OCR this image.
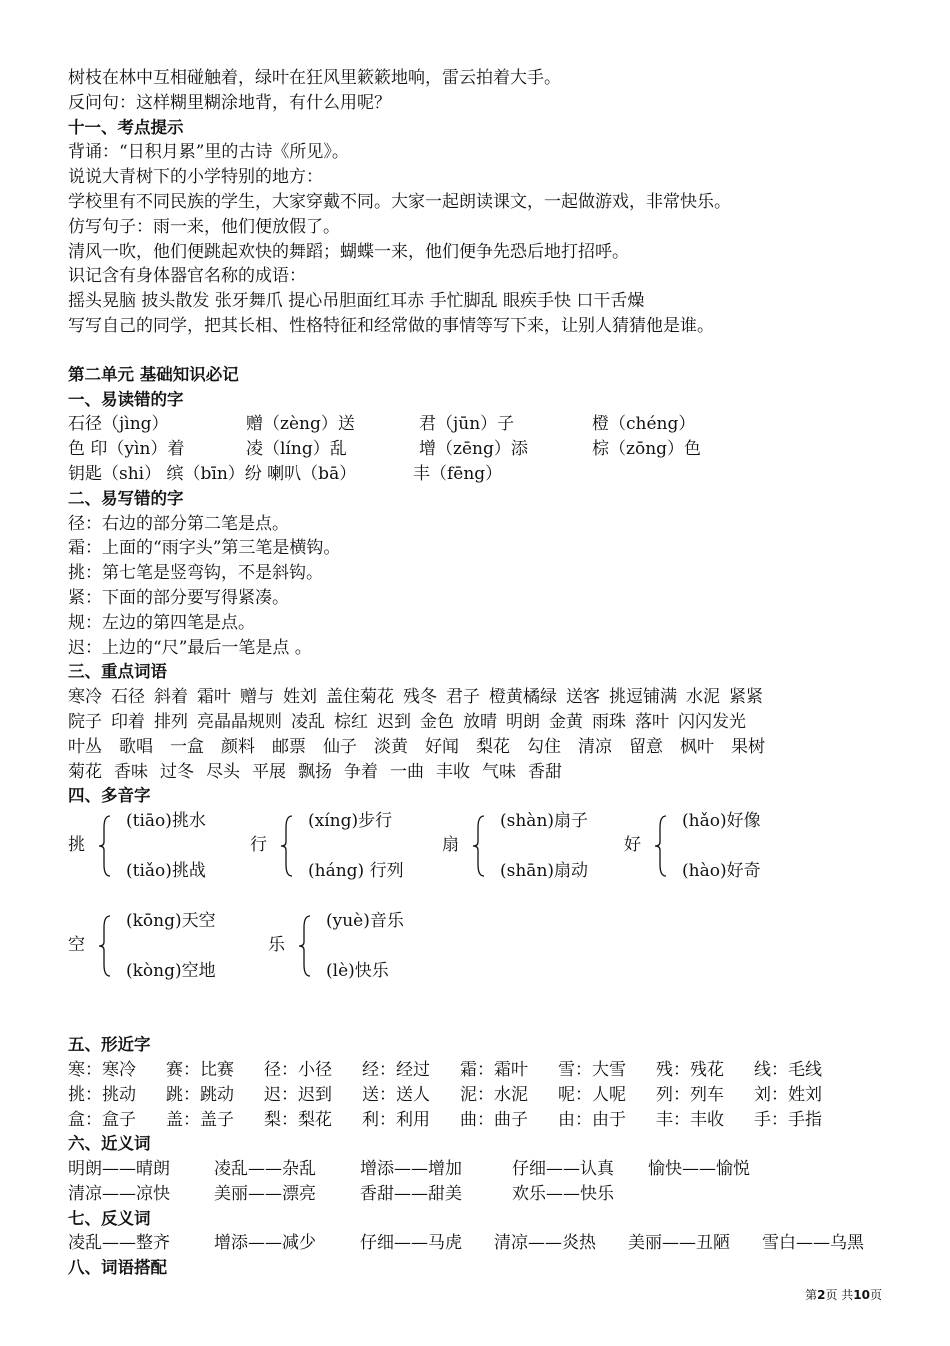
树枝在林中互相碰触着，绿叶在狂风里簌簌地响，雷云拍着大手。
反问句：这样糊里糊涂地背，有什么用呢？
十一、考点提示
背诵：“日积月累”里的古诗《所见》。
说说大青树下的小学特别的地方：
学校里有不同民族的学生，大家穿戴不同。大家一起朗读课文，一起做游戏，非常快乐。
仿写句子：雨一来，他们便放假了。
清风一吹，他们便跳起欢快的舞蹈；蝴蝶一来，他们便争先恐后地打招呼。
识记含有身体器官名称的成语：
摇头晃脑 披头散发 张牙舞爪 提心吊胆面红耳赤 手忙脚乱 眼疾手快 口干舌燥
写写自己的同学，把其长相、性格特征和经常做的事情等写下来，让别人猜猜他是谁。
第二单元 基础知识必记
一、易读错的字
石径（jìng）	赠（zèng）送	君（jūn）子	橙（chéng）
色 印（yìn）着	凌（líng）乱	增（zēng）添	棕（zōng）色
钥匙（shi） 缤（bīn）纷 喇叭（bā）	丰（fēng）
二、易写错的字
径：右边的部分第二笔是点。
霜：上面的“雨字头”第三笔是横钩。
挑：第七笔是竖弯钩，不是斜钩。
紧：下面的部分要写得紧凑。
规：左边的第四笔是点。
迟：上边的“尺”最后一笔是点 。
三、重点词语
寒冷 石径 斜着 霜叶 赠与 姓刘 盖住菊花 残冬 君子 橙黄橘绿 送客 挑逗铺满 水泥 紧紧
院子 印着 排列 亮晶晶规则 凌乱 棕红 迟到 金色 放晴 明朗 金黄 雨珠 落叶 闪闪发光
叶丛 歌唱 一盒 颜料 邮票 仙子 淡黄 好闻 梨花 勾住 清凉 留意 枫叶 果树
菊花 香味 过冬 尽头 平展 飘扬 争着 一曲 丰收 气味 香甜
四、多音字
挑
(tiāo)挑水
(tiǎo)挑战
行
(xíng)步行
(háng) 行列
扇
(shàn)扇子
(shān)扇动
好
(hǎo)好像
(hào)好奇
空
(kōng)天空
(kòng)空地
乐
(yuè)音乐
(lè)快乐
五、形近字
寒：寒冷 赛：比赛 径：小径 经：经过 霜：霜叶 雪：大雪 残：残花 线：毛线
挑：挑动 跳：跳动 迟：迟到 送：送人 泥：水泥 呢：人呢 列：列车 刘：姓刘
盒：盒子 盖：盖子 梨：梨花 利：利用 曲：曲子 由：由于 丰：丰收 手：手指
六、近义词
明朗——晴朗	凌乱——杂乱	增添——增加	仔细——认真 愉快——愉悦
清凉——凉快	美丽——漂亮	香甜——甜美	欢乐——快乐
七、反义词
凌乱——整齐	增添——减少	仔细——马虎 清凉——炎热 美丽——丑陋 雪白——乌黑
八、词语搭配
第2页 共10页
